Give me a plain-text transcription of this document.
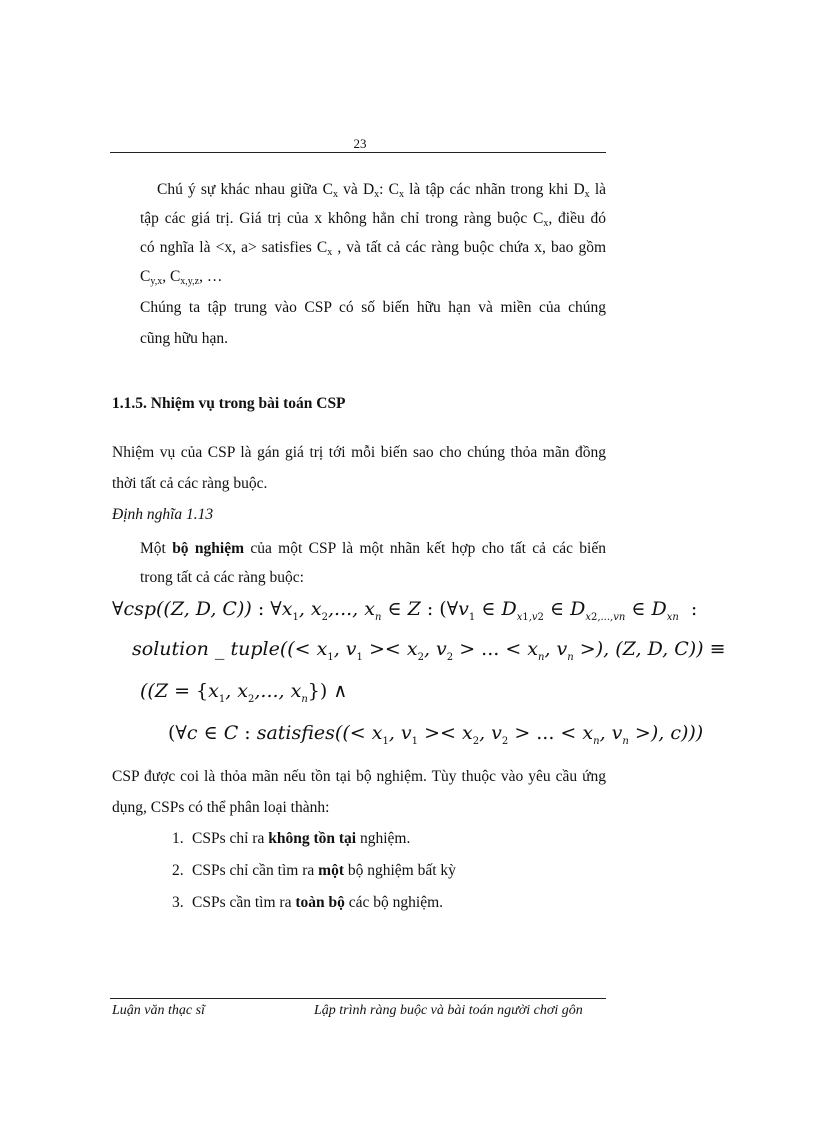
23
Chú ý sự khác nhau giữa $C_x$ và $D_x$: $C_x$ là tập các nhãn trong khi $D_x$ là
tập các giá trị. Giá trị của x không hẳn chỉ trong ràng buộc $C_x$, điều đó
có nghĩa là <x, a> satisfies $C_x$ , và tất cả các ràng buộc chứa x, bao gồm
$C_{y,x}$, $C_{x,y,z}$, …
Chúng ta tập trung vào CSP có số biến hữu hạn và miền của chúng
cũng hữu hạn.
1.1.5. Nhiệm vụ trong bài toán CSP
Nhiệm vụ của CSP là gán giá trị tới mỗi biến sao cho chúng thỏa mãn đồng
thời tất cả các ràng buộc.
Định nghĩa 1.13
Một bộ nghiệm của một CSP là một nhãn kết hợp cho tất cả các biến
trong tất cả các ràng buộc:
∀csp((Z, D, C)) : $\forall x_1$, $x_2$,..., $x_n$ ∈ Z : ($\forall v_1$ ∈ $D_{x1,v2}$ ∈ $D_{x2,...,vn}$ ∈ $D_{xn}$  :
solution _ tuple((< $x_1$, $v_1 >< x_2$, $v_2$ > ... < $x_n$, $v_n$ >), (Z, D, C)) ≡
(($Z = \{x_1$, $x_2$,..., $x_n$}) ∧
(∀c ∈ C : satisfies((< $x_1$, $v_1 >< x_2$, $v_2$ > ... < $x_n$, $v_n$ >), c)))
CSP được coi là thỏa mãn nếu tồn tại bộ nghiệm. Tùy thuộc vào yêu cầu ứng
dụng, CSPs có thể phân loại thành:
1. CSPs chỉ ra không tồn tại nghiệm.
2. CSPs chỉ cần tìm ra một bộ nghiệm bất kỳ
3. CSPs cần tìm ra toàn bộ các bộ nghiệm.
Luận văn thạc sĩ	Lập trình ràng buộc và bài toán người chơi gôn
